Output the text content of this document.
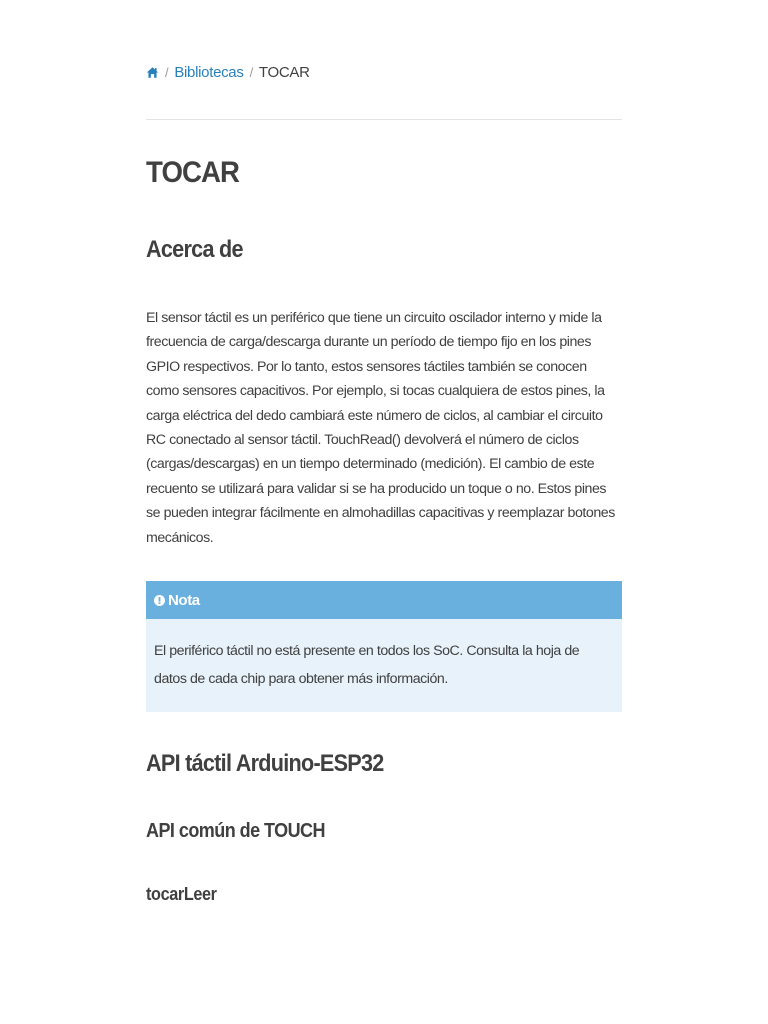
/ Bibliotecas / TOCAR
TOCAR
Acerca de

El sensor táctil es un periférico que tiene un circuito oscilador interno y mide la frecuencia de carga/descarga durante un período de tiempo fijo en los pines GPIO respectivos. Por lo tanto, estos sensores táctiles también se conocen como sensores capacitivos. Por ejemplo, si tocas cualquiera de estos pines, la carga eléctrica del dedo cambiará este número de ciclos, al cambiar el circuito RC conectado al sensor táctil. TouchRead() devolverá el número de ciclos (cargas/descargas) en un tiempo determinado (medición). El cambio de este recuento se utilizará para validar si se ha producido un toque o no. Estos pines se pueden integrar fácilmente en almohadillas capacitivas y reemplazar botones mecánicos.

Nota
El periférico táctil no está presente en todos los SoC. Consulta la hoja de datos de cada chip para obtener más información.
API táctil Arduino-ESP32
API común de TOUCH
tocarLeer
